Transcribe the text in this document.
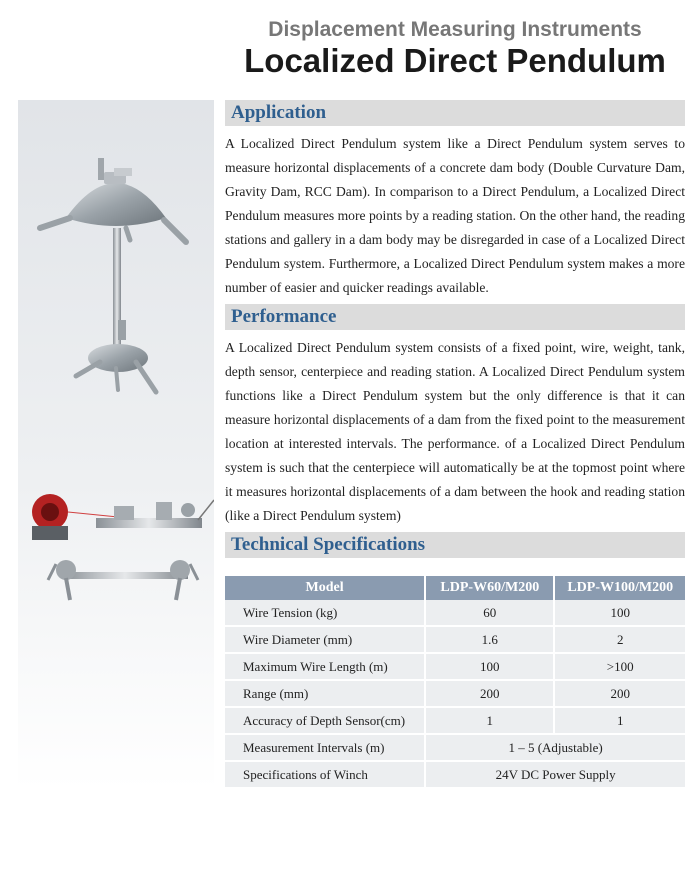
Displacement Measuring Instruments
Localized Direct Pendulum
Application

A Localized Direct Pendulum system like a Direct Pendulum system serves to measure horizontal displacements of a concrete dam body (Double Curvature Dam, Gravity Dam, RCC Dam). In comparison to a Direct Pendulum, a Localized Direct Pendulum measures more points by a reading station. On the other hand, the reading stations and gallery in a dam body may be disregarded in case of a Localized Direct Pendulum system. Furthermore, a Localized Direct Pendulum system makes a more number of easier and quicker readings available.

Performance

A Localized Direct Pendulum system consists of a fixed point, wire, weight, tank, depth sensor, centerpiece and reading station. A Localized Direct Pendulum system functions like a Direct Pendulum system but the only difference is that it can measure horizontal displacements of a dam from the fixed point to the measurement location at interested intervals. The performance. of a Localized Direct Pendulum system is such that the centerpiece will automatically be at the topmost point where it measures horizontal displacements of a dam between the hook and reading station (like a Direct Pendulum system)

Technical Specifications
Model	LDP-W60/M200	LDP-W100/M200
Wire Tension (kg)	60	100
Wire Diameter (mm)	1.6	2
Maximum Wire Length (m)	100	>100
Range (mm)	200	200
Accuracy of Depth Sensor(cm)	1	1
Measurement Intervals (m)	1 – 5 (Adjustable)	
Specifications of Winch	24V DC Power Supply	
